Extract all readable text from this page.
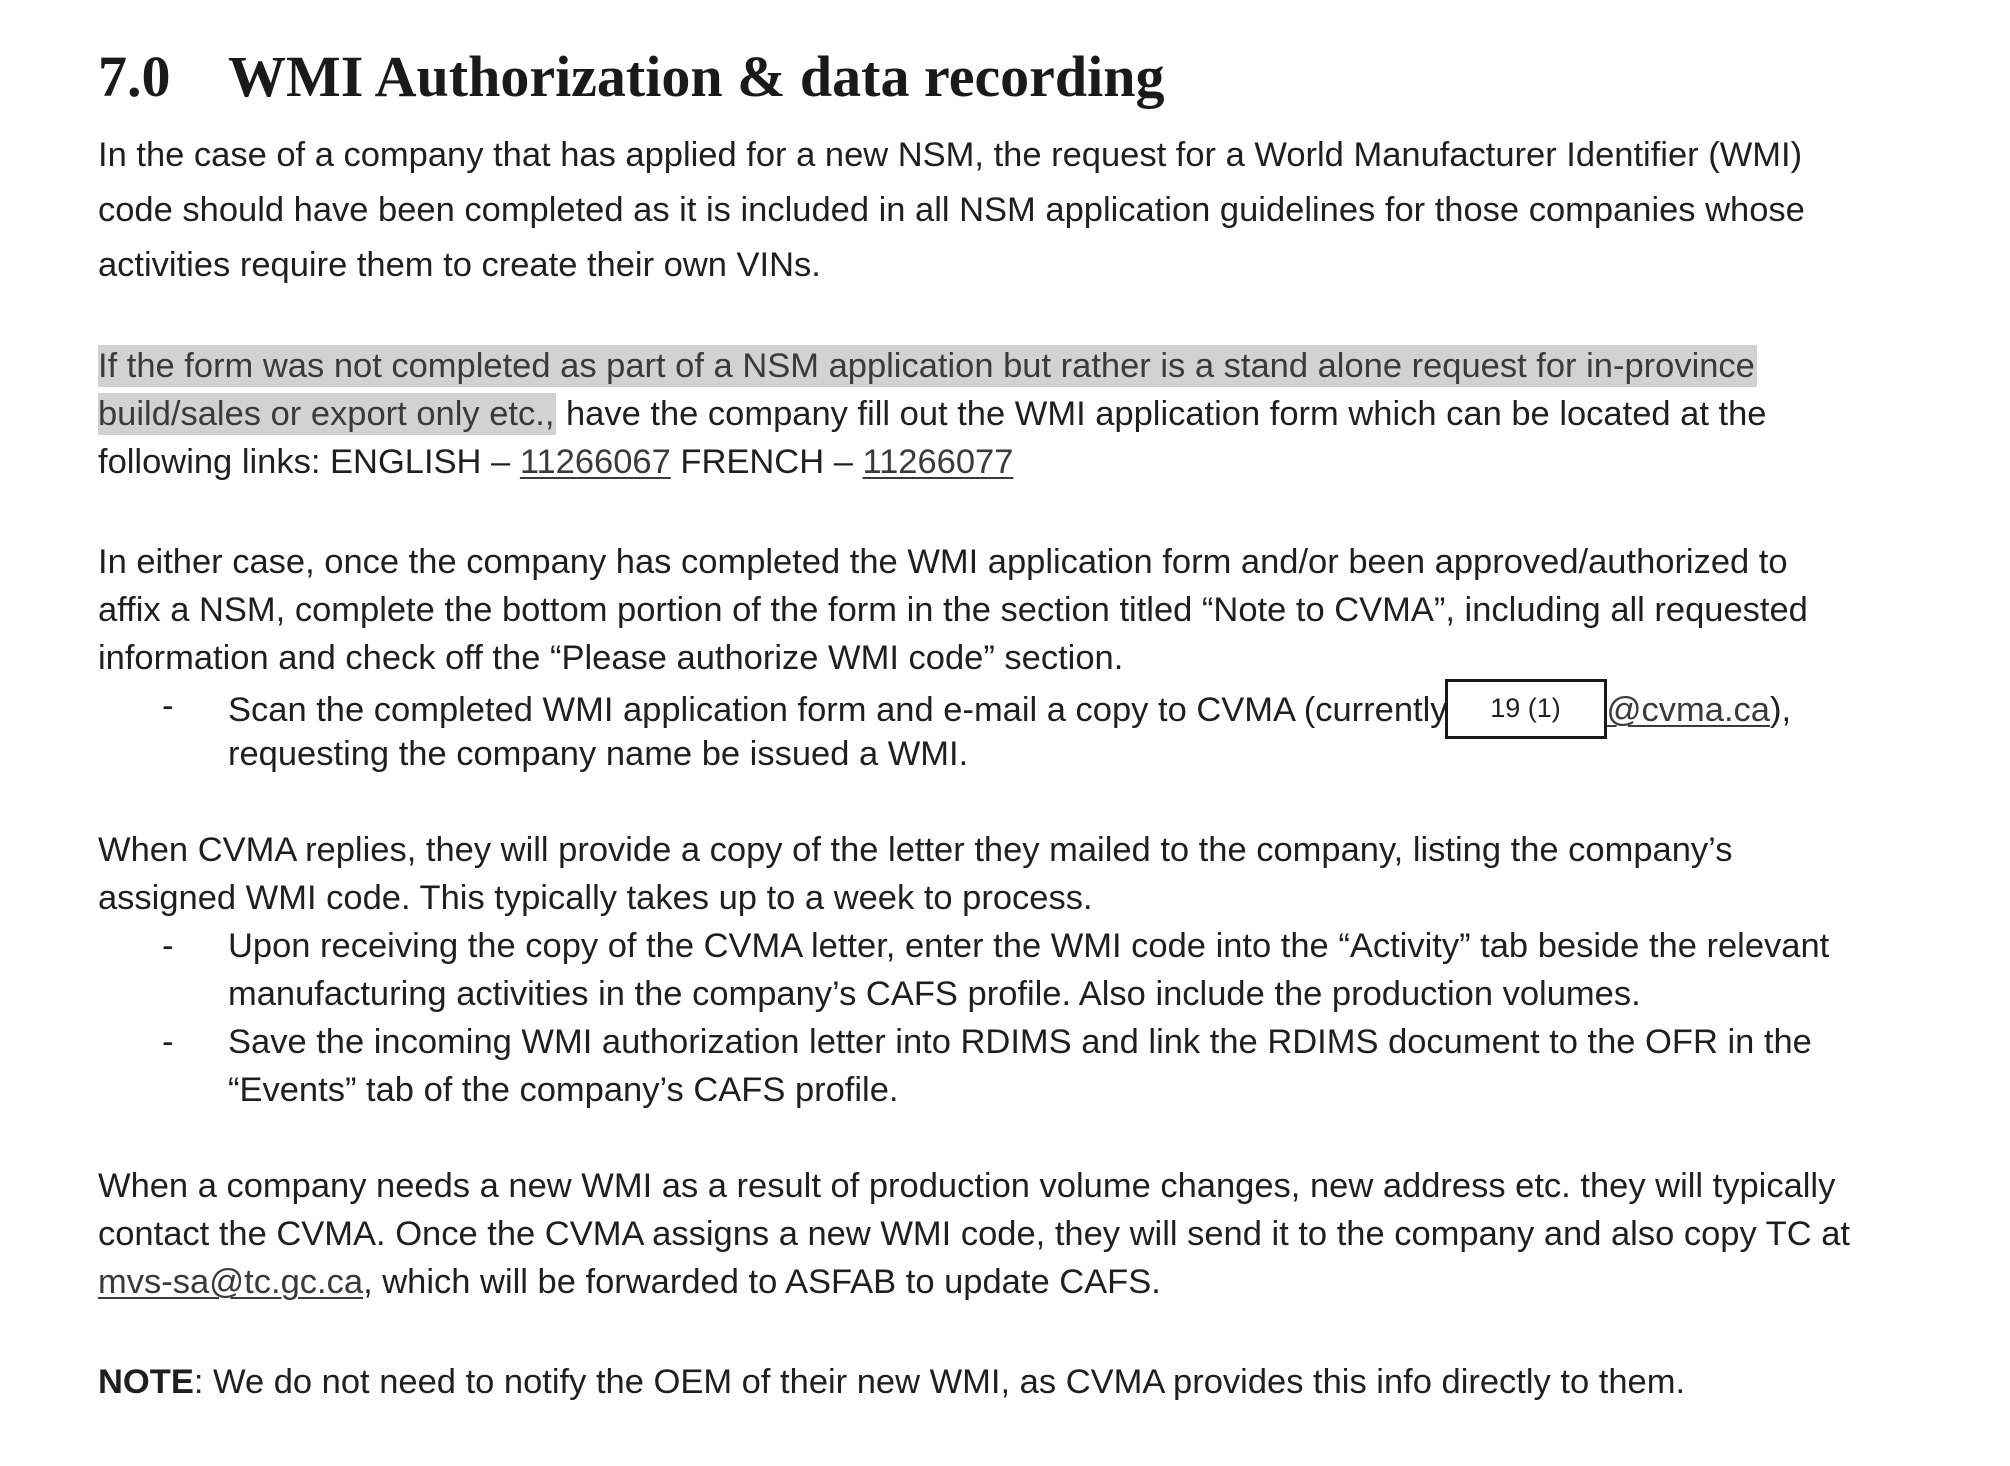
7.0 WMI Authorization & data recording
In the case of a company that has applied for a new NSM, the request for a World Manufacturer Identifier (WMI)
code should have been completed as it is included in all NSM application guidelines for those companies whose
activities require them to create their own VINs.
If the form was not completed as part of a NSM application but rather is a stand alone request for in-province
build/sales or export only etc., have the company fill out the WMI application form which can be located at the
following links: ENGLISH – 11266067 FRENCH – 11266077
In either case, once the company has completed the WMI application form and/or been approved/authorized to
affix a NSM, complete the bottom portion of the form in the section titled “Note to CVMA”, including all requested
information and check off the “Please authorize WMI code” section.
- Scan the completed WMI application form and e-mail a copy to CVMA (currently 19 (1) @cvma.ca),
requesting the company name be issued a WMI.
When CVMA replies, they will provide a copy of the letter they mailed to the company, listing the company’s
assigned WMI code. This typically takes up to a week to process.
- Upon receiving the copy of the CVMA letter, enter the WMI code into the “Activity” tab beside the relevant
manufacturing activities in the company’s CAFS profile. Also include the production volumes.
- Save the incoming WMI authorization letter into RDIMS and link the RDIMS document to the OFR in the
“Events” tab of the company’s CAFS profile.
When a company needs a new WMI as a result of production volume changes, new address etc. they will typically
contact the CVMA. Once the CVMA assigns a new WMI code, they will send it to the company and also copy TC at
mvs-sa@tc.gc.ca, which will be forwarded to ASFAB to update CAFS.
NOTE: We do not need to notify the OEM of their new WMI, as CVMA provides this info directly to them.
